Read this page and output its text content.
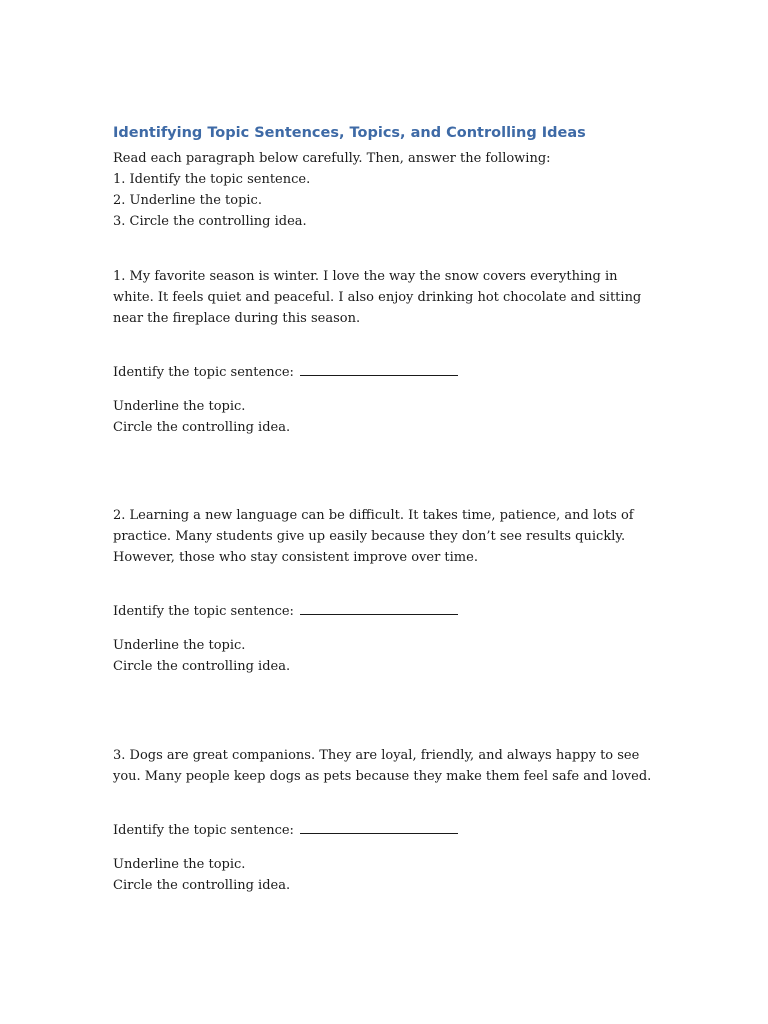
Identifying Topic Sentences, Topics, and Controlling Ideas

Read each paragraph below carefully. Then, answer the following:

1. Identify the topic sentence.

2. Underline the topic.

3. Circle the controlling idea.

1. My favorite season is winter. I love the way the snow covers everything in white. It feels quiet and peaceful. I also enjoy drinking hot chocolate and sitting near the fireplace during this season.

Identify the topic sentence:

Underline the topic.

Circle the controlling idea.

2. Learning a new language can be difficult. It takes time, patience, and lots of practice. Many students give up easily because they don’t see results quickly. However, those who stay consistent improve over time.

Identify the topic sentence:

Underline the topic.

Circle the controlling idea.

3. Dogs are great companions. They are loyal, friendly, and always happy to see you. Many people keep dogs as pets because they make them feel safe and loved.

Identify the topic sentence:

Underline the topic.

Circle the controlling idea.
